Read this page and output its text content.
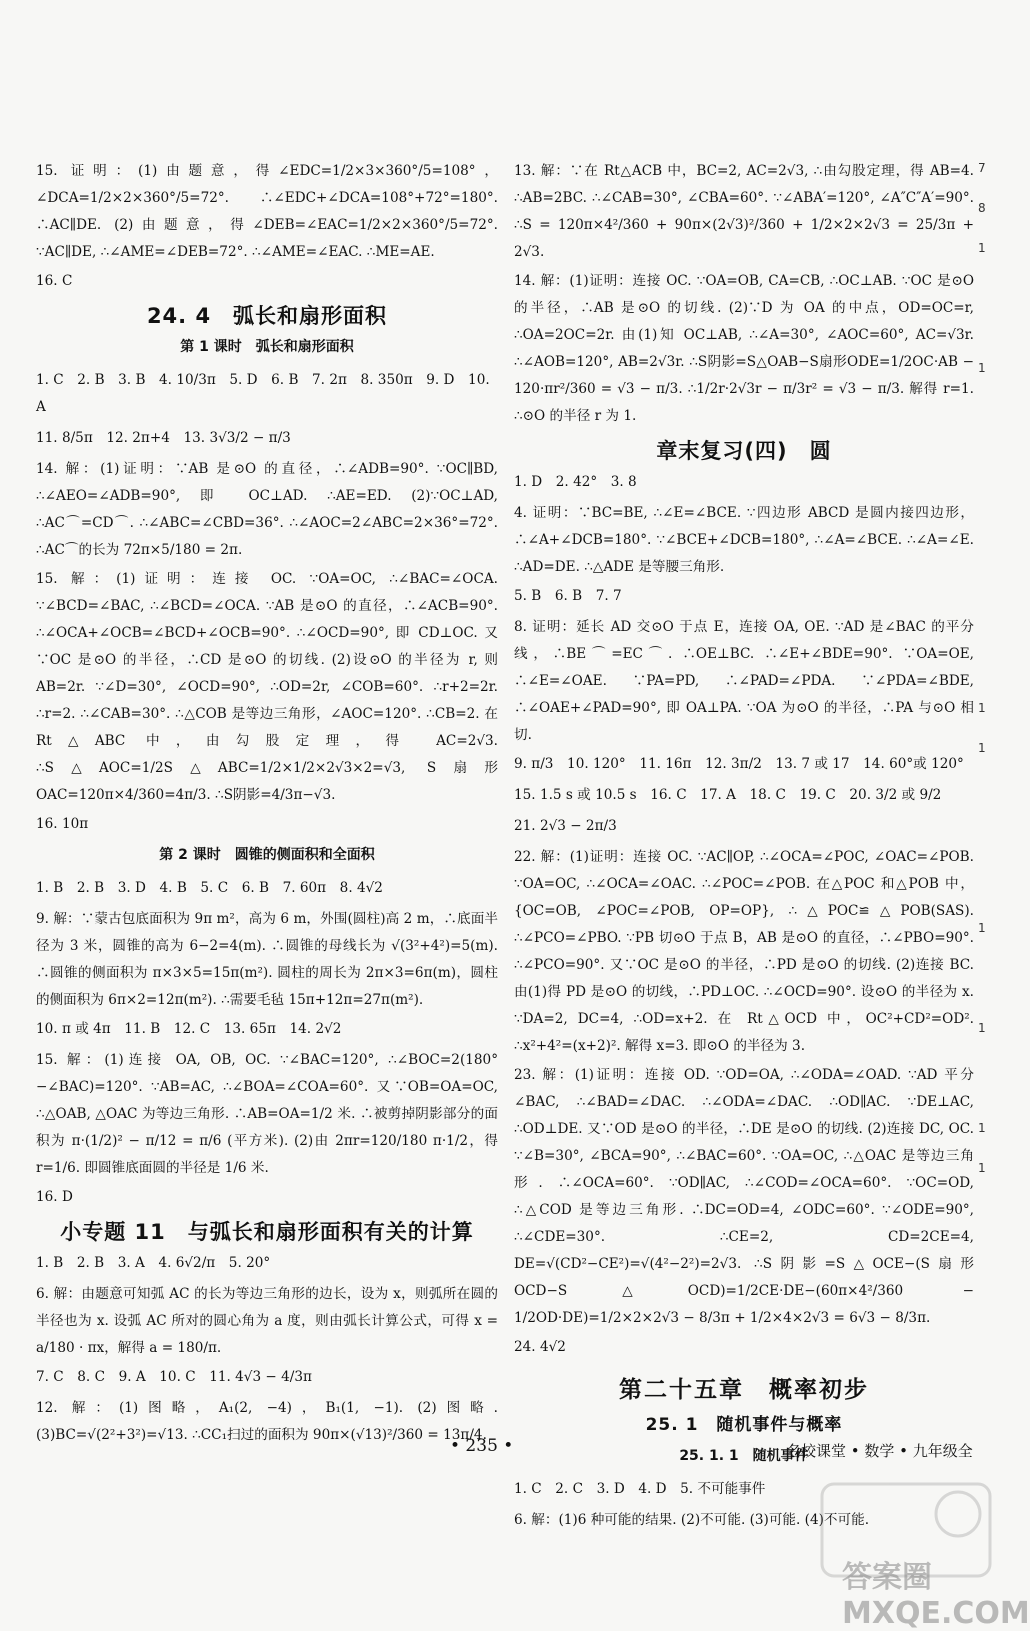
15. 证明：(1)由题意，得∠EDC=1/2×3×360°/5=108°，∠DCA=1/2×2×360°/5=72°. ∴∠EDC+∠DCA=108°+72°=180°. ∴AC∥DE. (2)由题意，得∠DEB=∠EAC=1/2×2×360°/5=72°. ∵AC∥DE, ∴∠AME=∠DEB=72°. ∴∠AME=∠EAC. ∴ME=AE.
16. C
24. 4　弧长和扇形面积
第 1 课时　弧长和扇形面积
1. C　2. B　3. B　4. 10/3π　5. D　6. B　7. 2π　8. 350π　9. D　10. A
11. 8/5π　12. 2π+4　13. 3√3/2 − π/3
14. 解：(1)证明：∵AB 是⊙O 的直径，∴∠ADB=90°. ∵OC∥BD, ∴∠AEO=∠ADB=90°, 即 OC⊥AD. ∴AE=ED. (2)∵OC⊥AD, ∴AC⌒=CD⌒. ∴∠ABC=∠CBD=36°. ∴∠AOC=2∠ABC=2×36°=72°. ∴AC⌒的长为 72π×5/180 = 2π.
15. 解：(1)证明：连接 OC. ∵OA=OC, ∴∠BAC=∠OCA. ∵∠BCD=∠BAC, ∴∠BCD=∠OCA. ∵AB 是⊙O 的直径，∴∠ACB=90°. ∴∠OCA+∠OCB=∠BCD+∠OCB=90°. ∴∠OCD=90°, 即 CD⊥OC. 又∵OC 是⊙O 的半径，∴CD 是⊙O 的切线. (2)设⊙O 的半径为 r, 则 AB=2r. ∵∠D=30°, ∠OCD=90°, ∴OD=2r, ∠COB=60°. ∴r+2=2r. ∴r=2. ∴∠CAB=30°. ∴△COB 是等边三角形，∠AOC=120°. ∴CB=2. 在 Rt△ABC 中，由勾股定理，得 AC=2√3. ∴S△AOC=1/2S△ABC=1/2×1/2×2√3×2=√3, S扇形OAC=120π×4/360=4π/3. ∴S阴影=4/3π−√3.
16. 10π
第 2 课时　圆锥的侧面积和全面积
1. B　2. B　3. D　4. B　5. C　6. B　7. 60π　8. 4√2
9. 解：∵蒙古包底面积为 9π m²，高为 6 m，外围(圆柱)高 2 m，∴底面半径为 3 米，圆锥的高为 6−2=4(m). ∴圆锥的母线长为 √(3²+4²)=5(m). ∴圆锥的侧面积为 π×3×5=15π(m²). 圆柱的周长为 2π×3=6π(m)，圆柱的侧面积为 6π×2=12π(m²). ∴需要毛毡 15π+12π=27π(m²).
10. π 或 4π　11. B　12. C　13. 65π　14. 2√2
15. 解：(1)连接 OA, OB, OC. ∵∠BAC=120°, ∴∠BOC=2(180°−∠BAC)=120°. ∵AB=AC, ∴∠BOA=∠COA=60°. 又∵OB=OA=OC, ∴△OAB, △OAC 为等边三角形. ∴AB=OA=1/2 米. ∴被剪掉阴影部分的面积为 π·(1/2)² − π/12 = π/6 (平方米). (2)由 2πr=120/180 π·1/2，得 r=1/6. 即圆锥底面圆的半径是 1/6 米.
16. D
小专题 11　与弧长和扇形面积有关的计算
1. B　2. B　3. A　4. 6√2/π　5. 20°
6. 解：由题意可知弧 AC 的长为等边三角形的边长，设为 x，则弧所在圆的半径也为 x. 设弧 AC 所对的圆心角为 a 度，则由弧长计算公式，可得 x = a/180 · πx，解得 a = 180/π.
7. C　8. C　9. A　10. C　11. 4√3 − 4/3π
12. 解：(1)图略，A₁(2, −4)，B₁(1, −1). (2)图略. (3)BC=√(2²+3²)=√13. ∴CC₁扫过的面积为 90π×(√13)²/360 = 13π/4.
13. 解：∵在 Rt△ACB 中，BC=2, AC=2√3, ∴由勾股定理，得 AB=4. ∴AB=2BC. ∴∠CAB=30°, ∠CBA=60°. ∵∠ABA′=120°, ∠A″C″A′=90°. ∴S = 120π×4²/360 + 90π×(2√3)²/360 + 1/2×2×2√3 = 25/3π + 2√3.
14. 解：(1)证明：连接 OC. ∵OA=OB, CA=CB, ∴OC⊥AB. ∵OC 是⊙O 的半径，∴AB 是⊙O 的切线. (2)∵D 为 OA 的中点，OD=OC=r, ∴OA=2OC=2r. 由(1)知 OC⊥AB, ∴∠A=30°, ∠AOC=60°, AC=√3r. ∴∠AOB=120°, AB=2√3r. ∴S阴影=S△OAB−S扇形ODE=1/2OC·AB − 120·πr²/360 = √3 − π/3. ∴1/2r·2√3r − π/3r² = √3 − π/3. 解得 r=1. ∴⊙O 的半径 r 为 1.
章末复习(四)　圆
1. D　2. 42°　3. 8
4. 证明：∵BC=BE, ∴∠E=∠BCE. ∵四边形 ABCD 是圆内接四边形，∴∠A+∠DCB=180°. ∵∠BCE+∠DCB=180°, ∴∠A=∠BCE. ∴∠A=∠E. ∴AD=DE. ∴△ADE 是等腰三角形.
5. B　6. B　7. 7
8. 证明：延长 AD 交⊙O 于点 E，连接 OA, OE. ∵AD 是∠BAC 的平分线，∴BE⌒=EC⌒. ∴OE⊥BC. ∴∠E+∠BDE=90°. ∵OA=OE, ∴∠E=∠OAE. ∵PA=PD, ∴∠PAD=∠PDA. ∵∠PDA=∠BDE, ∴∠OAE+∠PAD=90°, 即 OA⊥PA. ∵OA 为⊙O 的半径，∴PA 与⊙O 相切.
9. π/3　10. 120°　11. 16π　12. 3π/2　13. 7 或 17　14. 60°或 120°
15. 1.5 s 或 10.5 s　16. C　17. A　18. C　19. C　20. 3/2 或 9/2
21. 2√3 − 2π/3
22. 解：(1)证明：连接 OC. ∵AC∥OP, ∴∠OCA=∠POC, ∠OAC=∠POB. ∵OA=OC, ∴∠OCA=∠OAC. ∴∠POC=∠POB. 在△POC 和△POB 中，{OC=OB, ∠POC=∠POB, OP=OP}, ∴△POC≌△POB(SAS). ∴∠PCO=∠PBO. ∵PB 切⊙O 于点 B，AB 是⊙O 的直径，∴∠PBO=90°. ∴∠PCO=90°. 又∵OC 是⊙O 的半径，∴PD 是⊙O 的切线. (2)连接 BC. 由(1)得 PD 是⊙O 的切线，∴PD⊥OC. ∴∠OCD=90°. 设⊙O 的半径为 x. ∵DA=2, DC=4, ∴OD=x+2. 在 Rt△OCD 中，OC²+CD²=OD². ∴x²+4²=(x+2)². 解得 x=3. 即⊙O 的半径为 3.
23. 解：(1)证明：连接 OD. ∵OD=OA, ∴∠ODA=∠OAD. ∵AD 平分∠BAC, ∴∠BAD=∠DAC. ∴∠ODA=∠DAC. ∴OD∥AC. ∵DE⊥AC, ∴OD⊥DE. 又∵OD 是⊙O 的半径，∴DE 是⊙O 的切线. (2)连接 DC, OC. ∵∠B=30°, ∠BCA=90°, ∴∠BAC=60°. ∵OA=OC, ∴△OAC 是等边三角形. ∴∠OCA=60°. ∵OD∥AC, ∴∠COD=∠OCA=60°. ∵OC=OD, ∴△COD 是等边三角形. ∴DC=OD=4, ∠ODC=60°. ∵∠ODE=90°, ∴∠CDE=30°. ∴CE=2, CD=2CE=4, DE=√(CD²−CE²)=√(4²−2²)=2√3. ∴S阴影=S△OCE−(S扇形OCD−S△OCD)=1/2CE·DE−(60π×4²/360 − 1/2OD·DE)=1/2×2×2√3 − 8/3π + 1/2×4×2√3 = 6√3 − 8/3π.
24. 4√2
第二十五章　概率初步
25. 1　随机事件与概率
25. 1. 1　随机事件
1. C　2. C　3. D　4. D　5. 不可能事件
6. 解：(1)6 种可能的结果. (2)不可能. (3)可能. (4)不可能.
• 235 •	名校课堂 • 数学 • 九年级全
7
8
1
1
1
1
1
1
1
1
答案圈 MXQE.COM
